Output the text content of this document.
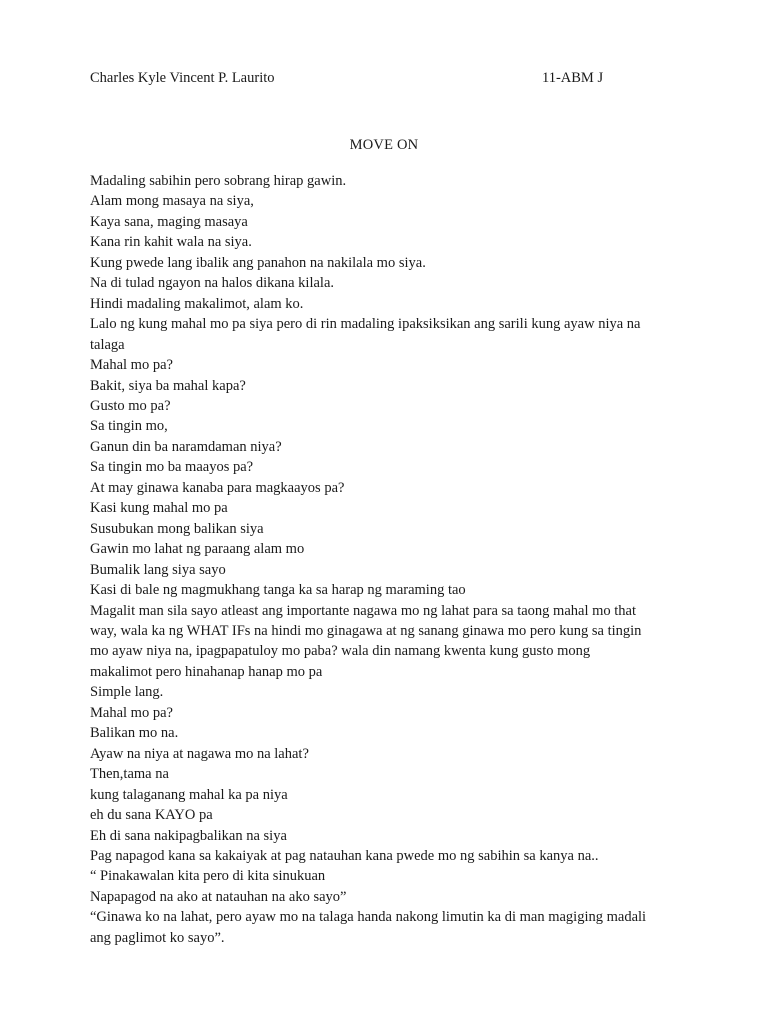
Charles Kyle Vincent P. Laurito	11-ABM J
MOVE ON
Madaling sabihin pero sobrang hirap gawin.
Alam mong masaya na siya,
Kaya sana, maging masaya
Kana rin kahit wala na siya.
Kung pwede lang ibalik ang panahon na nakilala mo siya.
Na di tulad ngayon na halos dikana kilala.
Hindi madaling makalimot, alam ko.
Lalo ng kung mahal mo pa siya pero di rin madaling ipaksiksikan ang sarili kung ayaw niya na
talaga
Mahal mo pa?
Bakit, siya ba mahal kapa?
Gusto mo pa?
Sa tingin mo,
Ganun din ba naramdaman niya?
Sa tingin mo ba maayos pa?
At may ginawa kanaba para magkaayos pa?
Kasi kung mahal mo pa
Susubukan mong balikan siya
Gawin mo lahat ng paraang alam mo
Bumalik lang siya sayo
Kasi di bale ng magmukhang tanga ka sa harap ng maraming tao
Magalit man sila sayo atleast ang importante nagawa mo ng lahat para sa taong mahal mo that
way, wala ka ng WHAT IFs na hindi mo ginagawa at ng sanang ginawa mo pero kung sa tingin
mo ayaw niya na, ipagpapatuloy mo paba? wala din namang kwenta kung gusto mong
makalimot pero hinahanap hanap mo pa
Simple lang.
Mahal mo pa?
Balikan mo na.
Ayaw na niya at nagawa mo na lahat?
Then,tama na
kung talaganang mahal ka pa niya
eh du sana KAYO pa
Eh di sana nakipagbalikan na siya
Pag napagod kana sa kakaiyak at pag natauhan kana pwede mo ng sabihin sa kanya na..
“ Pinakawalan kita pero di kita sinukuan
Napapagod na ako at natauhan na ako sayo”
“Ginawa ko na lahat, pero ayaw mo na talaga handa nakong limutin ka di man magiging madali
ang paglimot ko sayo”.
